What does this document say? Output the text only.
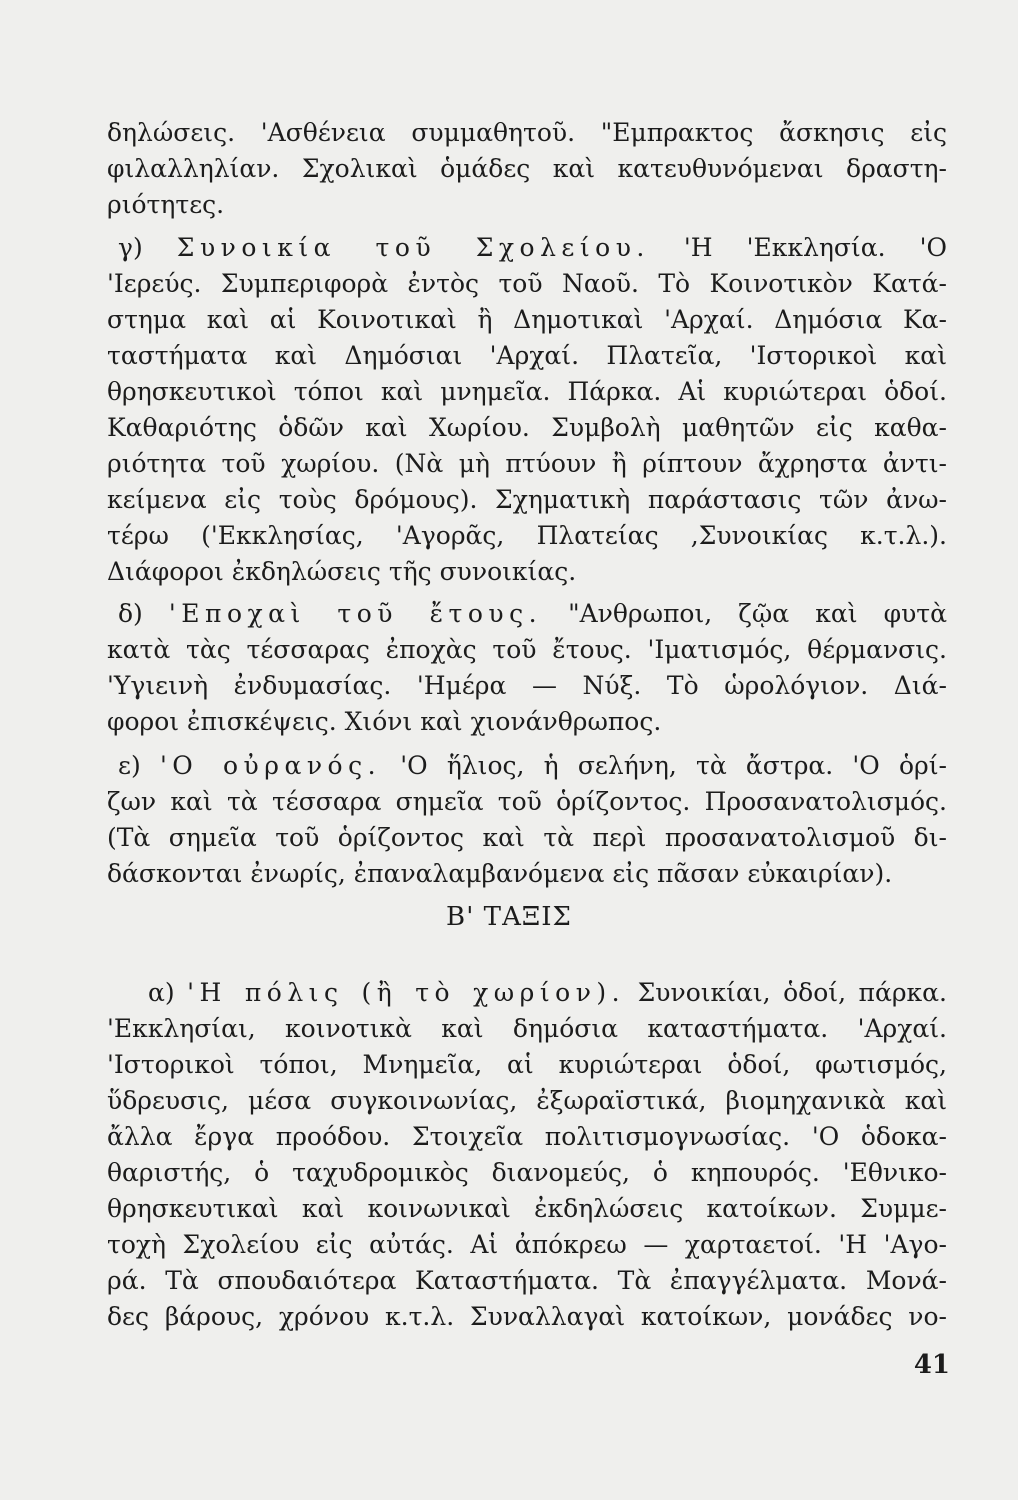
δηλώσεις. 'Ασθένεια συμμαθητοῦ. "Εμπρακτος ἄσκησις εἰς
φιλαλληλίαν. Σχολικαὶ ὁμάδες καὶ κατευθυνόμεναι δραστη-
ριότητες.
γ) Συνοικία τοῦ Σχολείου. 'Η 'Εκκλησία. 'Ο
'Ιερεύς. Συμπεριφορὰ ἐντὸς τοῦ Ναοῦ. Τὸ Κοινοτικὸν Κατά-
στημα καὶ αἱ Κοινοτικαὶ ἢ Δημοτικαὶ 'Αρχαί. Δημόσια Κα-
ταστήματα καὶ Δημόσιαι 'Αρχαί. Πλατεῖα, 'Ιστορικοὶ καὶ
θρησκευτικοὶ τόποι καὶ μνημεῖα. Πάρκα. Αἱ κυριώτεραι ὁδοί.
Καθαριότης ὁδῶν καὶ Χωρίου. Συμβολὴ μαθητῶν εἰς καθα-
ριότητα τοῦ χωρίου. (Νὰ μὴ πτύουν ἢ ρίπτουν ἄχρηστα ἀντι-
κείμενα εἰς τοὺς δρόμους). Σχηματικὴ παράστασις τῶν ἀνω-
τέρω ('Εκκλησίας, 'Αγορᾶς, Πλατείας ,Συνοικίας κ.τ.λ.).
Διάφοροι ἐκδηλώσεις τῆς συνοικίας.
δ) 'Εποχαὶ τοῦ ἔτους. "Ανθρωποι, ζῷα καὶ φυτὰ
κατὰ τὰς τέσσαρας ἐποχὰς τοῦ ἔτους. 'Ιματισμός, θέρμανσις.
'Υγιεινὴ ἐνδυμασίας. 'Ημέρα — Νύξ. Τὸ ὡρολόγιον. Διά-
φοροι ἐπισκέψεις. Χιόνι καὶ χιονάνθρωπος.
ε) 'Ο οὐρανός. 'Ο ἥλιος, ἡ σελήνη, τὰ ἄστρα. 'Ο ὁρί-
ζων καὶ τὰ τέσσαρα σημεῖα τοῦ ὁρίζοντος. Προσανατολισμός.
(Τὰ σημεῖα τοῦ ὁρίζοντος καὶ τὰ περὶ προσανατολισμοῦ δι-
δάσκονται ἐνωρίς, ἐπαναλαμβανόμενα εἰς πᾶσαν εὐκαιρίαν).
Β' ΤΑΞΙΣ
α) 'Η πόλις (ἢ τὸ χωρίον). Συνοικίαι, ὁδοί, πάρκα.
'Εκκλησίαι, κοινοτικὰ καὶ δημόσια καταστήματα. 'Αρχαί.
'Ιστορικοὶ τόποι, Μνημεῖα, αἱ κυριώτεραι ὁδοί, φωτισμός,
ὕδρευσις, μέσα συγκοινωνίας, ἐξωραϊστικά, βιομηχανικὰ καὶ
ἄλλα ἔργα προόδου. Στοιχεῖα πολιτισμογνωσίας. 'Ο ὁδοκα-
θαριστής, ὁ ταχυδρομικὸς διανομεύς, ὁ κηπουρός. 'Εθνικο-
θρησκευτικαὶ καὶ κοινωνικαὶ ἐκδηλώσεις κατοίκων. Συμμε-
τοχὴ Σχολείου εἰς αὐτάς. Αἱ ἀπόκρεω — χαρταετοί. 'Η 'Αγο-
ρά. Τὰ σπουδαιότερα Καταστήματα. Τὰ ἐπαγγέλματα. Μονά-
δες βάρους, χρόνου κ.τ.λ. Συναλλαγαὶ κατοίκων, μονάδες νο-
41
